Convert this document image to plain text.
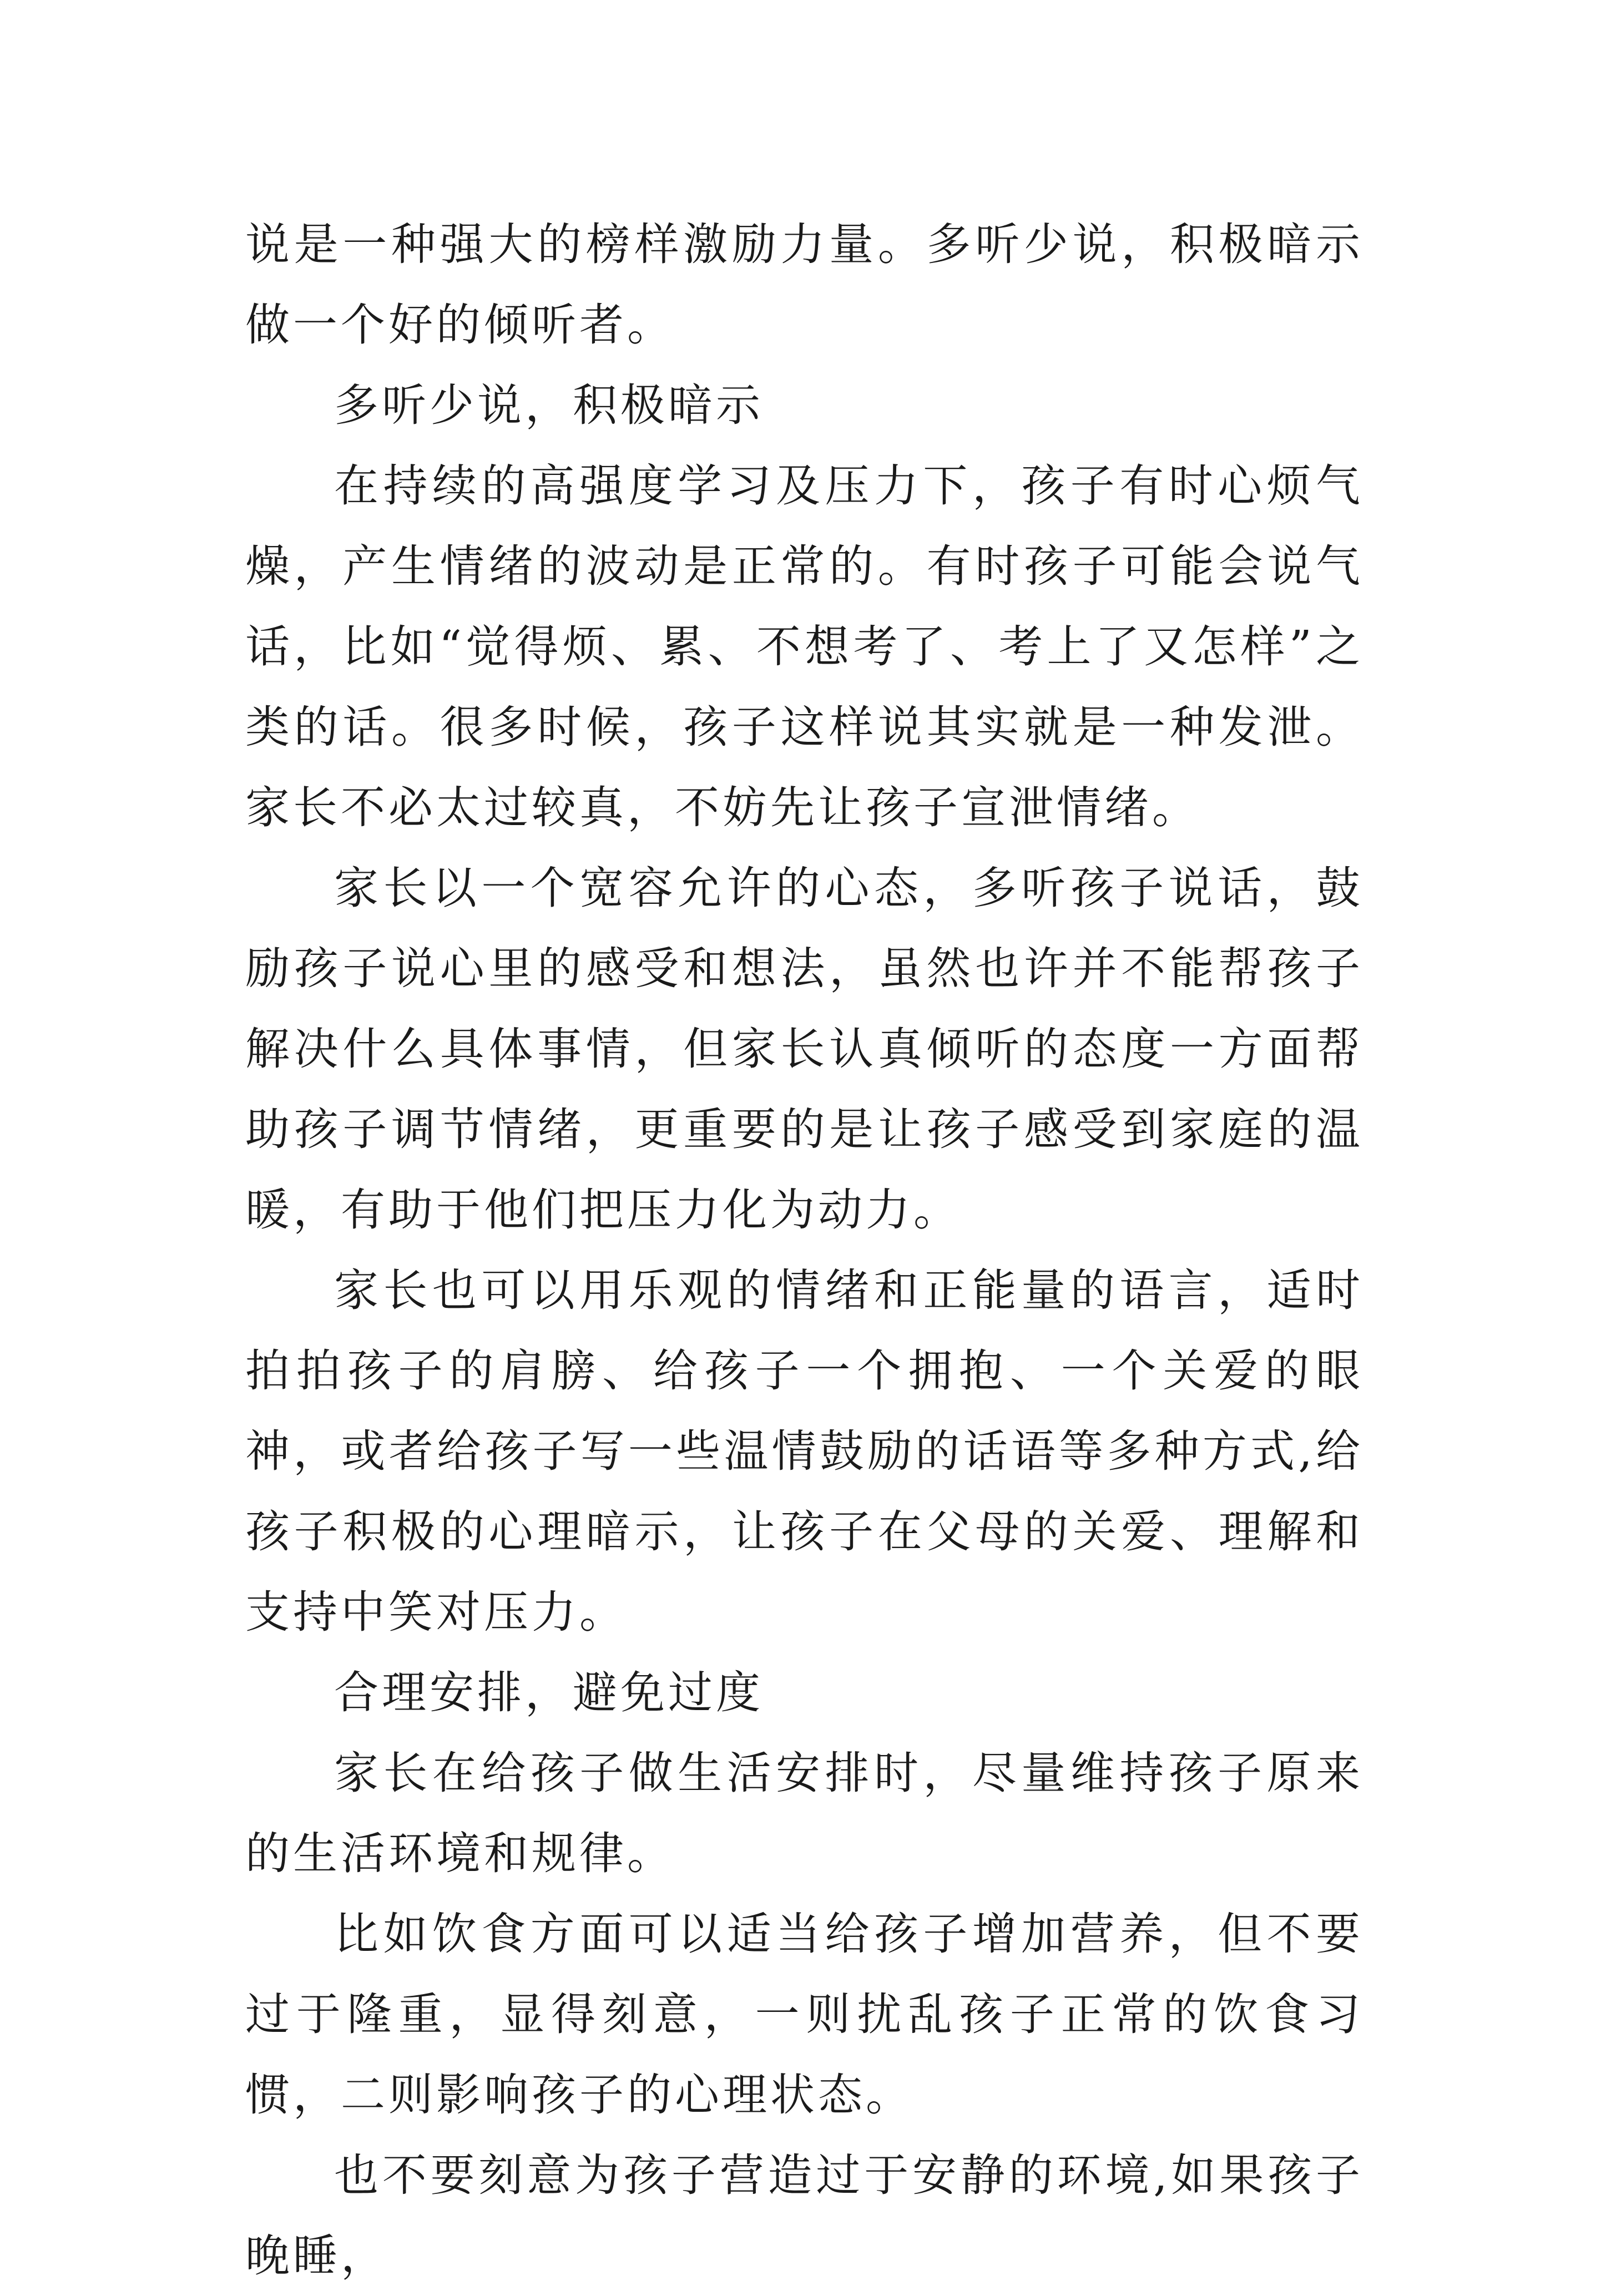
说是一种强大的榜样激励力量。多听少说，积极暗示做一个好的倾听者。

多听少说，积极暗示

在持续的高强度学习及压力下，孩子有时心烦气燥，产生情绪的波动是正常的。有时孩子可能会说气话，比如“觉得烦、累、不想考了、考上了又怎样”之类的话。很多时候，孩子这样说其实就是一种发泄。家长不必太过较真，不妨先让孩子宣泄情绪。

家长以一个宽容允许的心态，多听孩子说话，鼓励孩子说心里的感受和想法，虽然也许并不能帮孩子解决什么具体事情，但家长认真倾听的态度一方面帮助孩子调节情绪，更重要的是让孩子感受到家庭的温暖，有助于他们把压力化为动力。

家长也可以用乐观的情绪和正能量的语言，适时拍拍孩子的肩膀、给孩子一个拥抱、一个关爱的眼神，或者给孩子写一些温情鼓励的话语等多种方式,给孩子积极的心理暗示，让孩子在父母的关爱、理解和支持中笑对压力。

合理安排，避免过度

家长在给孩子做生活安排时，尽量维持孩子原来的生活环境和规律。

比如饮食方面可以适当给孩子增加营养，但不要过于隆重，显得刻意，一则扰乱孩子正常的饮食习惯，二则影响孩子的心理状态。

也不要刻意为孩子营造过于安静的环境,如果孩子晚睡，
